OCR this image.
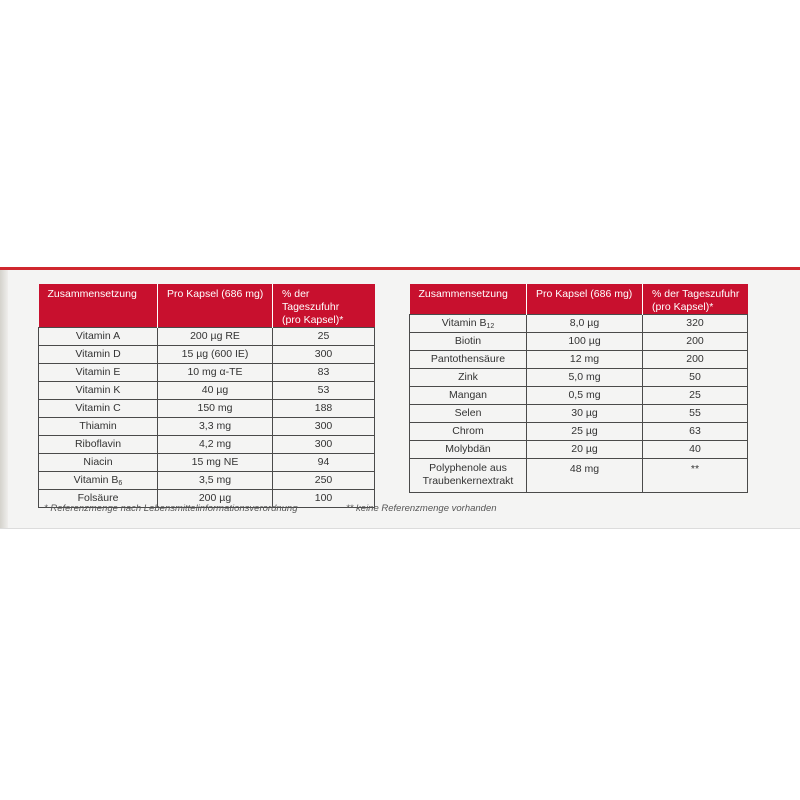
Zusammensetzung	Pro Kapsel (686 mg)	% der Tageszufuhr
(pro Kapsel)*
Vitamin A	200 µg RE	25
Vitamin D	15 µg (600 IE)	300
Vitamin E	10 mg α-TE	83
Vitamin K	40 µg	53
Vitamin C	150 mg	188
Thiamin	3,3 mg	300
Riboflavin	4,2 mg	300
Niacin	15 mg NE	94
Vitamin $B_6$	3,5 mg	250
Folsäure	200 µg	100
Zusammensetzung	Pro Kapsel (686 mg)	% der Tageszufuhr
(pro Kapsel)*
Vitamin $B_{12}$	8,0 µg	320
Biotin	100 µg	200
Pantothensäure	12 mg	200
Zink	5,0 mg	50
Mangan	0,5 mg	25
Selen	30 µg	55
Chrom	25 µg	63
Molybdän	20 µg	40
Polyphenole aus
Traubenkernextrakt	48 mg	**
* Referenzmenge nach Lebensmittelinformationsverordnung	** keine Referenzmenge vorhanden
